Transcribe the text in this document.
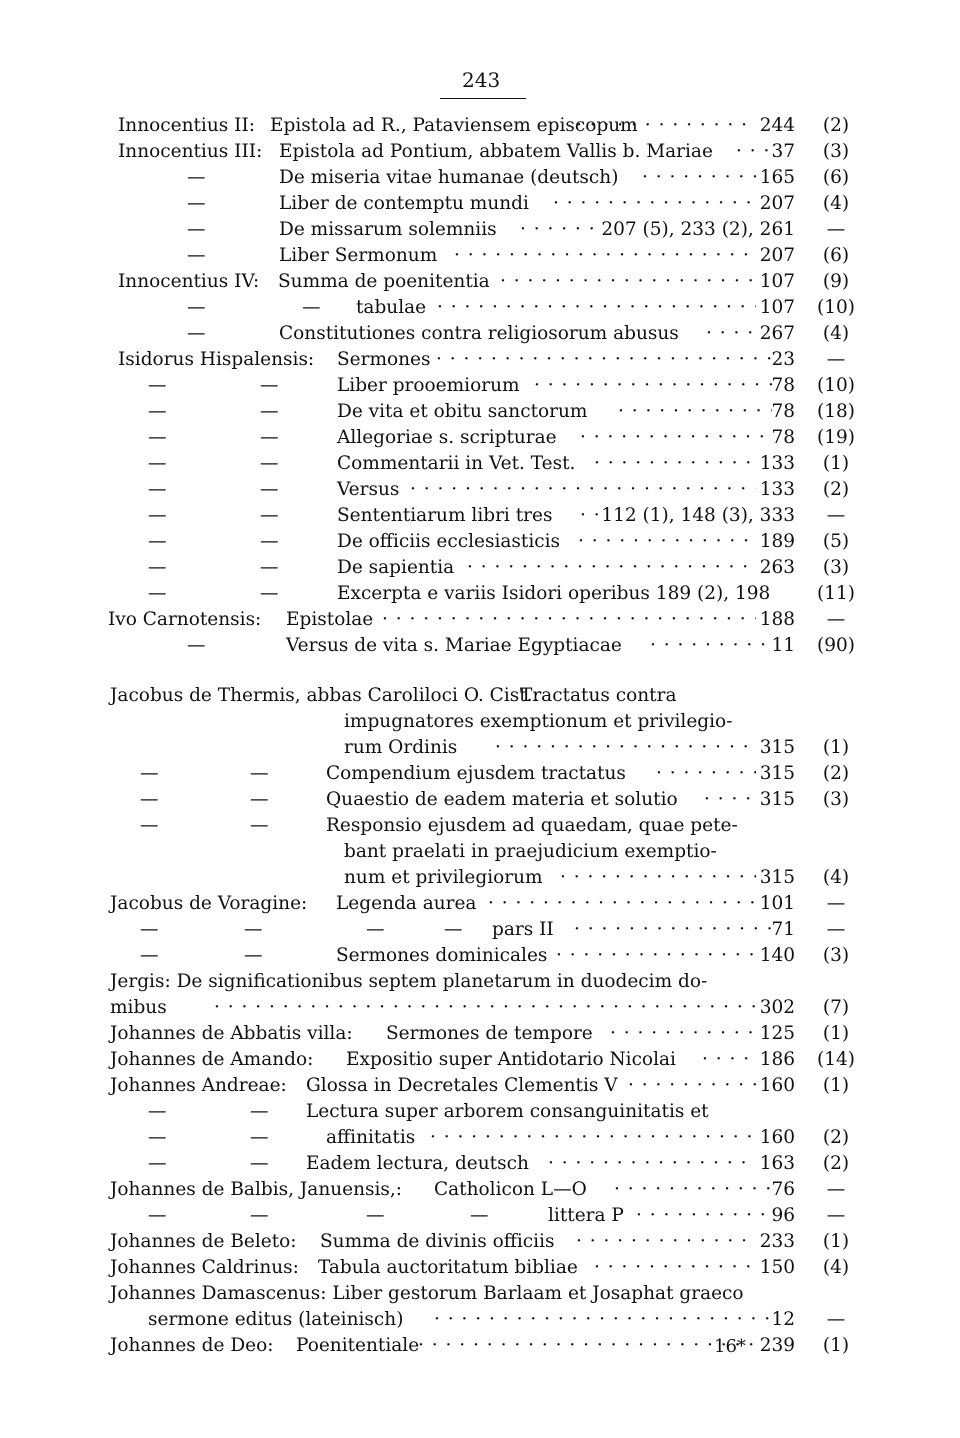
243
Innocentius II: Epistola ad R., Pataviensem episcopum · · ·	244	(2)
Innocentius III: Epistola ad Pontium, abbatem Vallis b. Mariae · · ·	37	(3)
—	De miseria vitae humanae (deutsch) · · ·	165	(6)
—	Liber de contemptu mundi · · ·	207	(4)
—	De missarum solemniis · · ·	207 (5), 233 (2), 261	—
—	Liber Sermonum · · ·	207	(6)
Innocentius IV: Summa de poenitentia · · ·	107	(9)
—	— tabulae · · ·	107	(10)
—	Constitutiones contra religiosorum abusus · · ·	267	(4)
Isidorus Hispalensis: Sermones · · ·	23	—
—	—	Liber prooemiorum · · ·	78	(10)
—	—	De vita et obitu sanctorum · · ·	78	(18)
—	—	Allegoriae s. scripturae · · ·	78	(19)
—	—	Commentarii in Vet. Test. · · ·	133	(1)
—	—	Versus · · ·	133	(2)
—	—	Sententiarum libri tres · · ·	112 (1), 148 (3), 333	—
—	—	De officiis ecclesiasticis · · ·	189	(5)
—	—	De sapientia · · ·	263	(3)
—	—	Excerpta e variis Isidori operibus 189 (2), 198	(11)
Ivo Carnotensis: Epistolae · · ·	188	—
—	Versus de vita s. Mariae Egyptiacae · · ·	11	(90)
Jacobus de Thermis, abbas Caroliloci O. Cist.:
Tractatus contra
impugnatores exemptionum et privilegio-
rum Ordinis · · ·	315	(1)
—	—	Compendium ejusdem tractatus · · ·	315	(2)
—	—	Quaestio de eadem materia et solutio · · ·	315	(3)
—	—	Responsio ejusdem ad quaedam, quae pete-
bant praelati in praejudicium exemptio-
num et privilegiorum · · ·	315	(4)
Jacobus de Voragine: Legenda aurea · · ·	101	—
—	—	—	— pars II · · ·	71	—
—	—	Sermones dominicales · · ·	140	(3)
Jergis: De significationibus septem planetarum in duodecim do-
mibus · · ·	302	(7)
Johannes de Abbatis villa: Sermones de tempore · · ·	125	(1)
Johannes de Amando: Expositio super Antidotario Nicolai · · ·	186	(14)
Johannes Andreae: Glossa in Decretales Clementis V · · ·	160	(1)
—	— Lectura super arborem consanguinitatis et
—	—	affinitatis · · ·	160	(2)
—	— Eadem lectura, deutsch · · ·	163	(2)
Johannes de Balbis, Januensis,: Catholicon L—O · · ·	76	—
—	—	—	—	littera P · · ·	96	—
Johannes de Beleto: Summa de divinis officiis · · ·	233	(1)
Johannes Caldrinus: Tabula auctoritatum bibliae · · ·	150	(4)
Johannes Damascenus: Liber gestorum Barlaam et Josaphat graeco
sermone editus (lateinisch) · · ·	12	—
Johannes de Deo: Poenitentiale · · ·	239	(1)
16*
